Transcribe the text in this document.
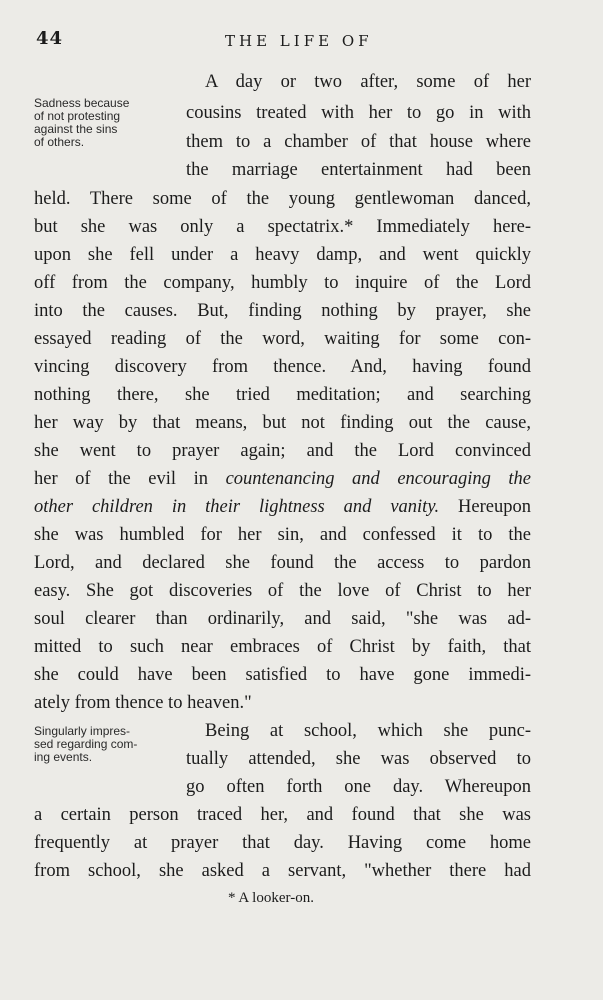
44	THE LIFE OF
Sadness because
of not protesting
against the sins
of others.
Singularly impres-
sed regarding com-
ing events.
A day or two after, some of her
cousins treated with her to go in with
them to a chamber of that house where
the marriage entertainment had been
held. There some of the young gentlewoman danced,
but she was only a spectatrix.* Immediately here-
upon she fell under a heavy damp, and went quickly
off from the company, humbly to inquire of the Lord
into the causes. But, finding nothing by prayer, she
essayed reading of the word, waiting for some con-
vincing discovery from thence. And, having found
nothing there, she tried meditation; and searching
her way by that means, but not finding out the cause,
she went to prayer again; and the Lord convinced
her of the evil in countenancing and encouraging the
other children in their lightness and vanity. Hereupon
she was humbled for her sin, and confessed it to the
Lord, and declared she found the access to pardon
easy. She got discoveries of the love of Christ to her
soul clearer than ordinarily, and said, "she was ad-
mitted to such near embraces of Christ by faith, that
she could have been satisfied to have gone immedi-
ately from thence to heaven."
Being at school, which she punc-
tually attended, she was observed to
go often forth one day. Whereupon
a certain person traced her, and found that she was
frequently at prayer that day. Having come home
from school, she asked a servant, "whether there had
* A looker-on.
